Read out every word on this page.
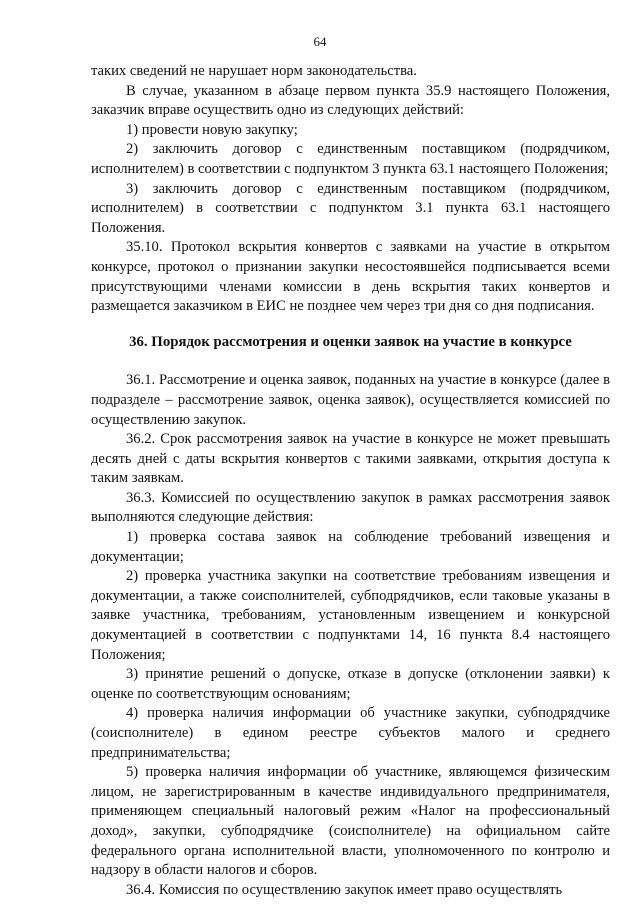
64

таких сведений не нарушает норм законодательства.

В случае, указанном в абзаце первом пункта 35.9 настоящего Положения, заказчик вправе осуществить одно из следующих действий:

1) провести новую закупку;

2) заключить договор с единственным поставщиком (подрядчиком, исполнителем) в соответствии с подпунктом 3 пункта 63.1 настоящего Положения;

3) заключить договор с единственным поставщиком (подрядчиком, исполнителем) в соответствии с подпунктом 3.1 пункта 63.1 настоящего Положения.

35.10. Протокол вскрытия конвертов с заявками на участие в открытом конкурсе, протокол о признании закупки несостоявшейся подписывается всеми присутствующими членами комиссии в день вскрытия таких конвертов и размещается заказчиком в ЕИС не позднее чем через три дня со дня подписания.

36. Порядок рассмотрения и оценки заявок на участие в конкурсе

36.1. Рассмотрение и оценка заявок, поданных на участие в конкурсе (далее в подразделе – рассмотрение заявок, оценка заявок), осуществляется комиссией по осуществлению закупок.

36.2. Срок рассмотрения заявок на участие в конкурсе не может превышать десять дней с даты вскрытия конвертов с такими заявками, открытия доступа к таким заявкам.

36.3. Комиссией по осуществлению закупок в рамках рассмотрения заявок выполняются следующие действия:

1) проверка состава заявок на соблюдение требований извещения и документации;

2) проверка участника закупки на соответствие требованиям извещения и документации, а также соисполнителей, субподрядчиков, если таковые указаны в заявке участника, требованиям, установленным извещением и конкурсной документацией в соответствии с подпунктами 14, 16 пункта 8.4 настоящего Положения;

3) принятие решений о допуске, отказе в допуске (отклонении заявки) к оценке по соответствующим основаниям;

4) проверка наличия информации об участнике закупки, субподрядчике (соисполнителе) в едином реестре субъектов малого и среднего предпринимательства;

5) проверка наличия информации об участнике, являющемся физическим лицом, не зарегистрированным в качестве индивидуального предпринимателя, применяющем специальный налоговый режим «Налог на профессиональный доход», закупки, субподрядчике (соисполнителе) на официальном сайте федерального органа исполнительной власти, уполномоченного по контролю и надзору в области налогов и сборов.

36.4. Комиссия по осуществлению закупок имеет право осуществлять
